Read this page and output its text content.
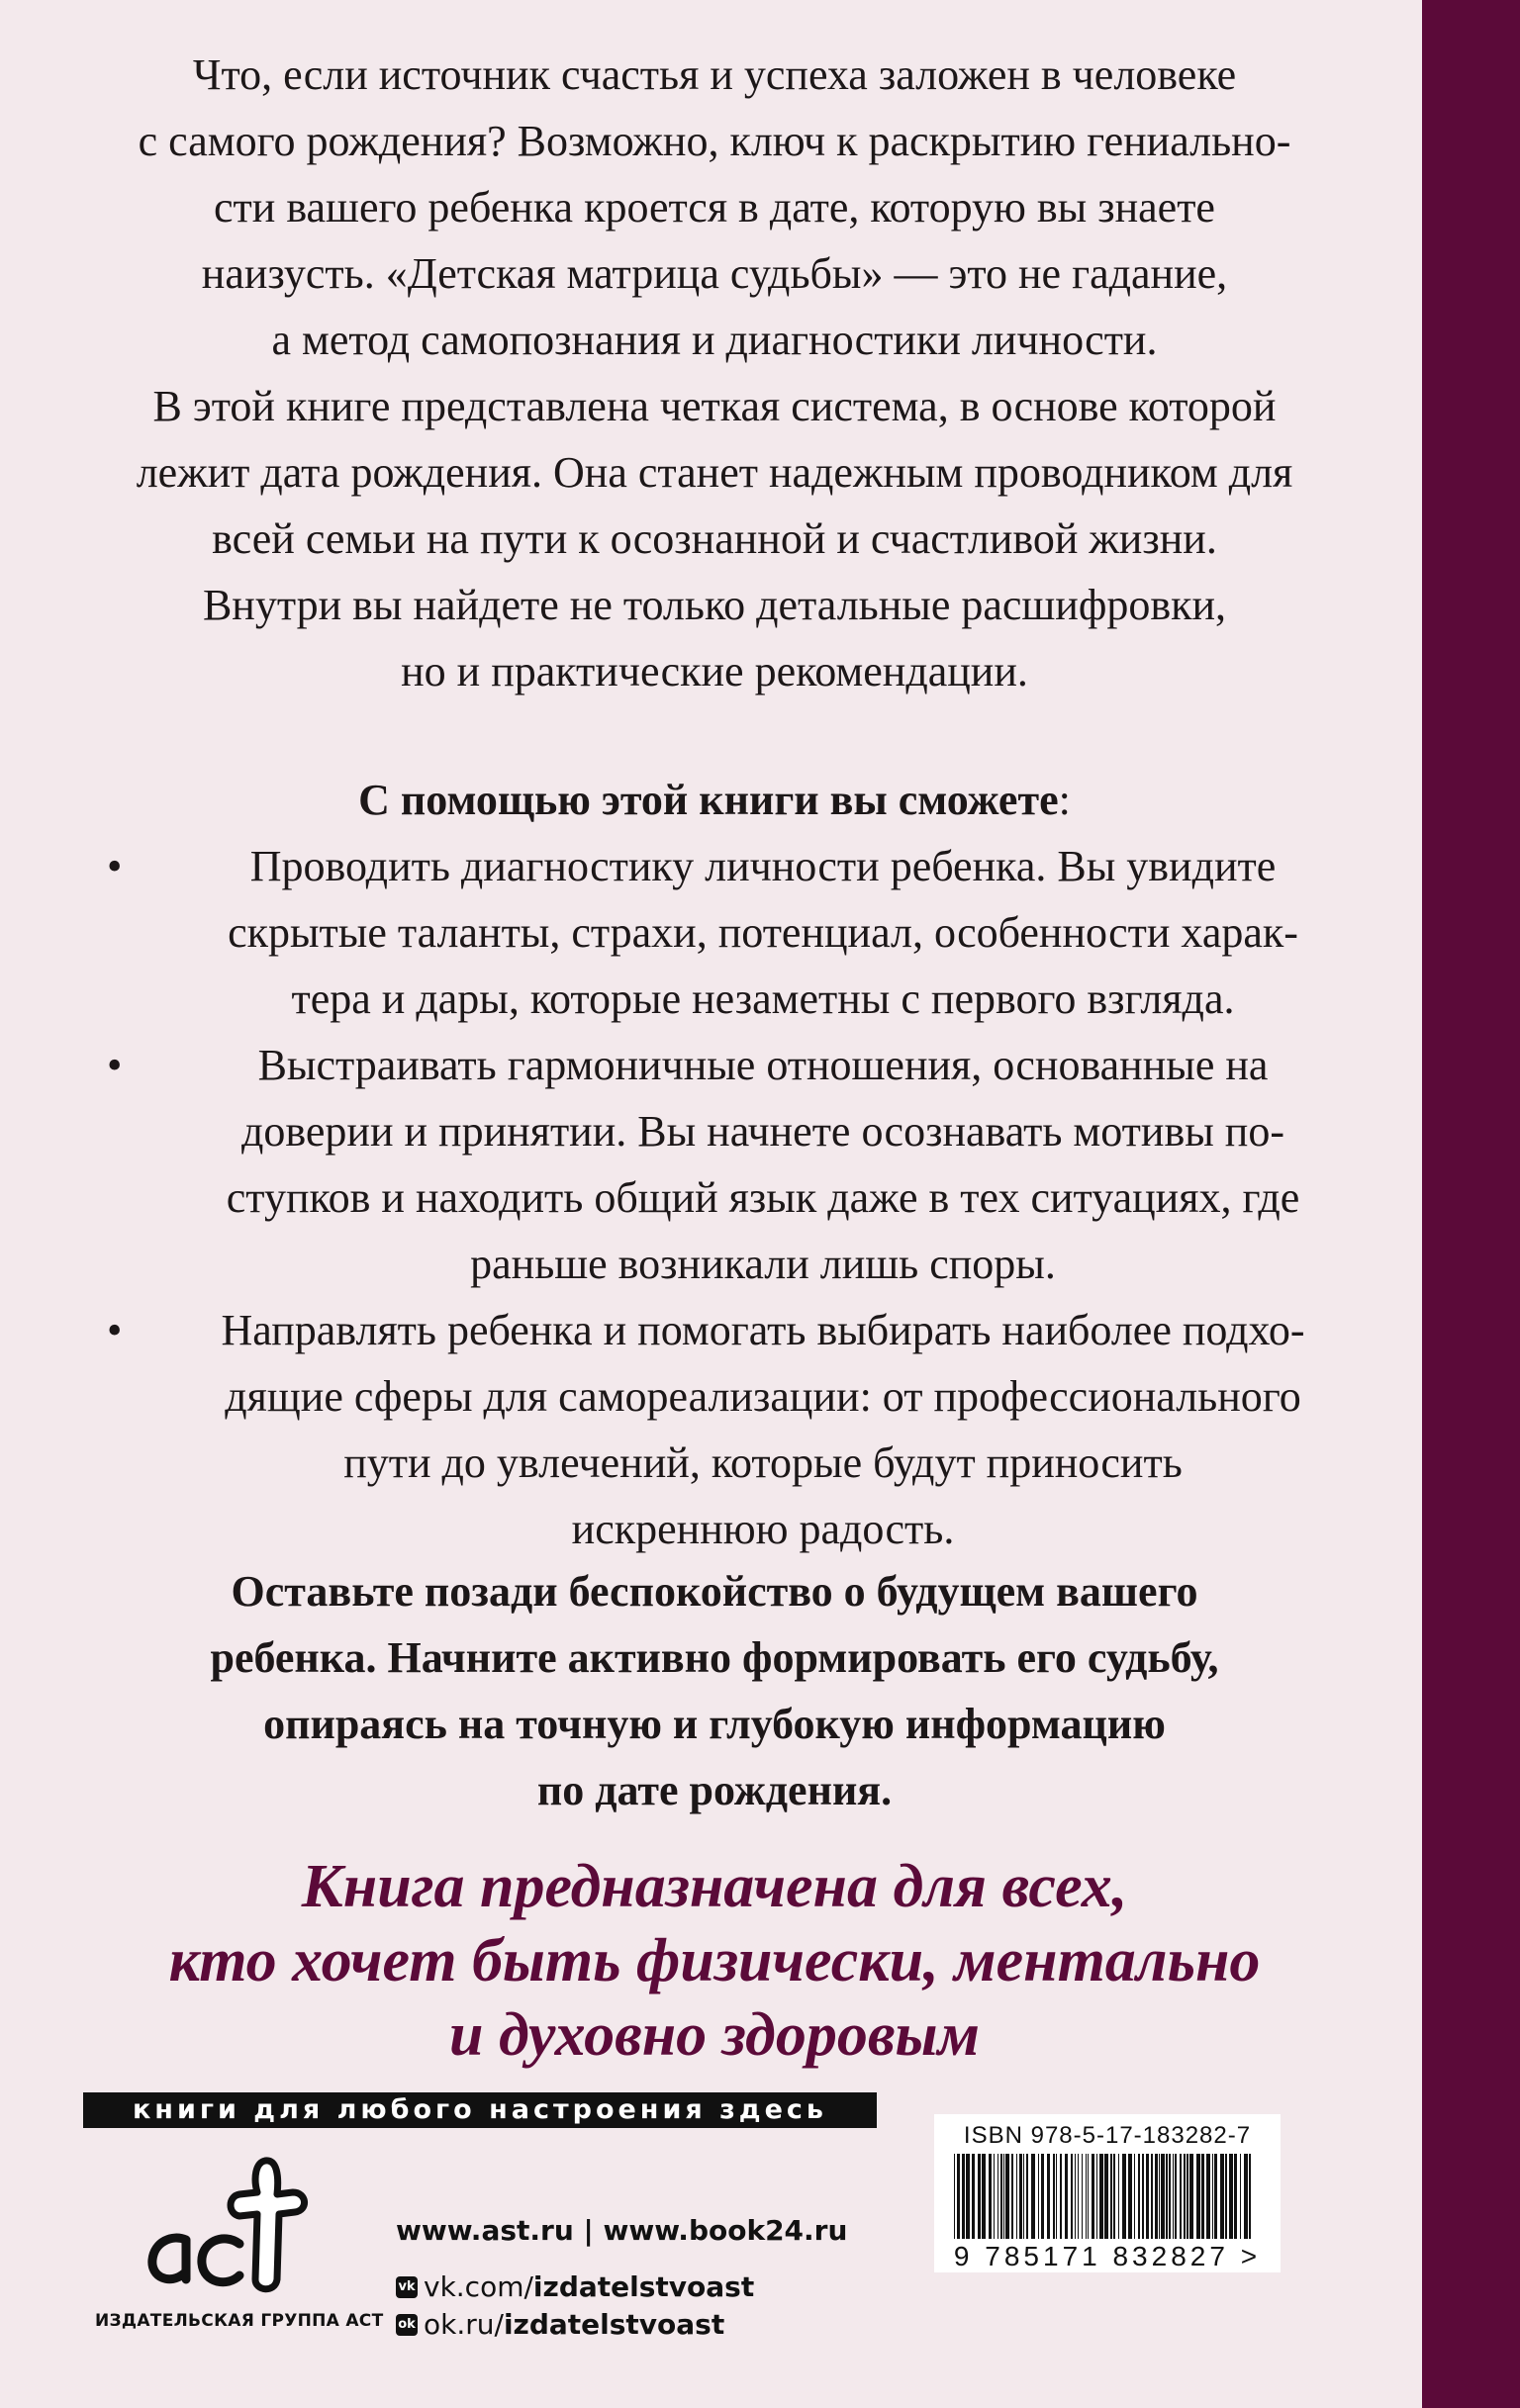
Что, если источник счастья и успеха заложен в человеке
с самого рождения? Возможно, ключ к раскрытию гениально-
сти вашего ребенка кроется в дате, которую вы знаете
наизусть. «Детская матрица судьбы» — это не гадание,
а метод самопознания и диагностики личности.
В этой книге представлена четкая система, в основе которой
лежит дата рождения. Она станет надежным проводником для
всей семьи на пути к осознанной и счастливой жизни.
Внутри вы найдете не только детальные расшифровки,
но и практические рекомендации.
С помощью этой книги вы сможете:
•	Проводить диагностику личности ребенка. Вы увидите
скрытые таланты, страхи, потенциал, особенности харак-
тера и дары, которые незаметны с первого взгляда.
•	Выстраивать гармоничные отношения, основанные на
доверии и принятии. Вы начнете осознавать мотивы по-
ступков и находить общий язык даже в тех ситуациях, где
раньше возникали лишь споры.
•	Направлять ребенка и помогать выбирать наиболее подхо-
дящие сферы для самореализации: от профессионального
пути до увлечений, которые будут приносить
искреннюю радость.
Оставьте позади беспокойство о будущем вашего
ребенка. Начните активно формировать его судьбу,
опираясь на точную и глубокую информацию
по дате рождения.
Книга предназначена для всех,
кто хочет быть физически, ментально
и духовно здоровым
книги для любого настроения здесь
ИЗДАТЕЛЬСКАЯ ГРУППА АСТ
www.ast.ru | www.book24.ru
vk vk.com/ izdatelstvoast
ok ok.ru/ izdatelstvoast
ISBN 978-5-17-183282-7
9 785171 832827 >
